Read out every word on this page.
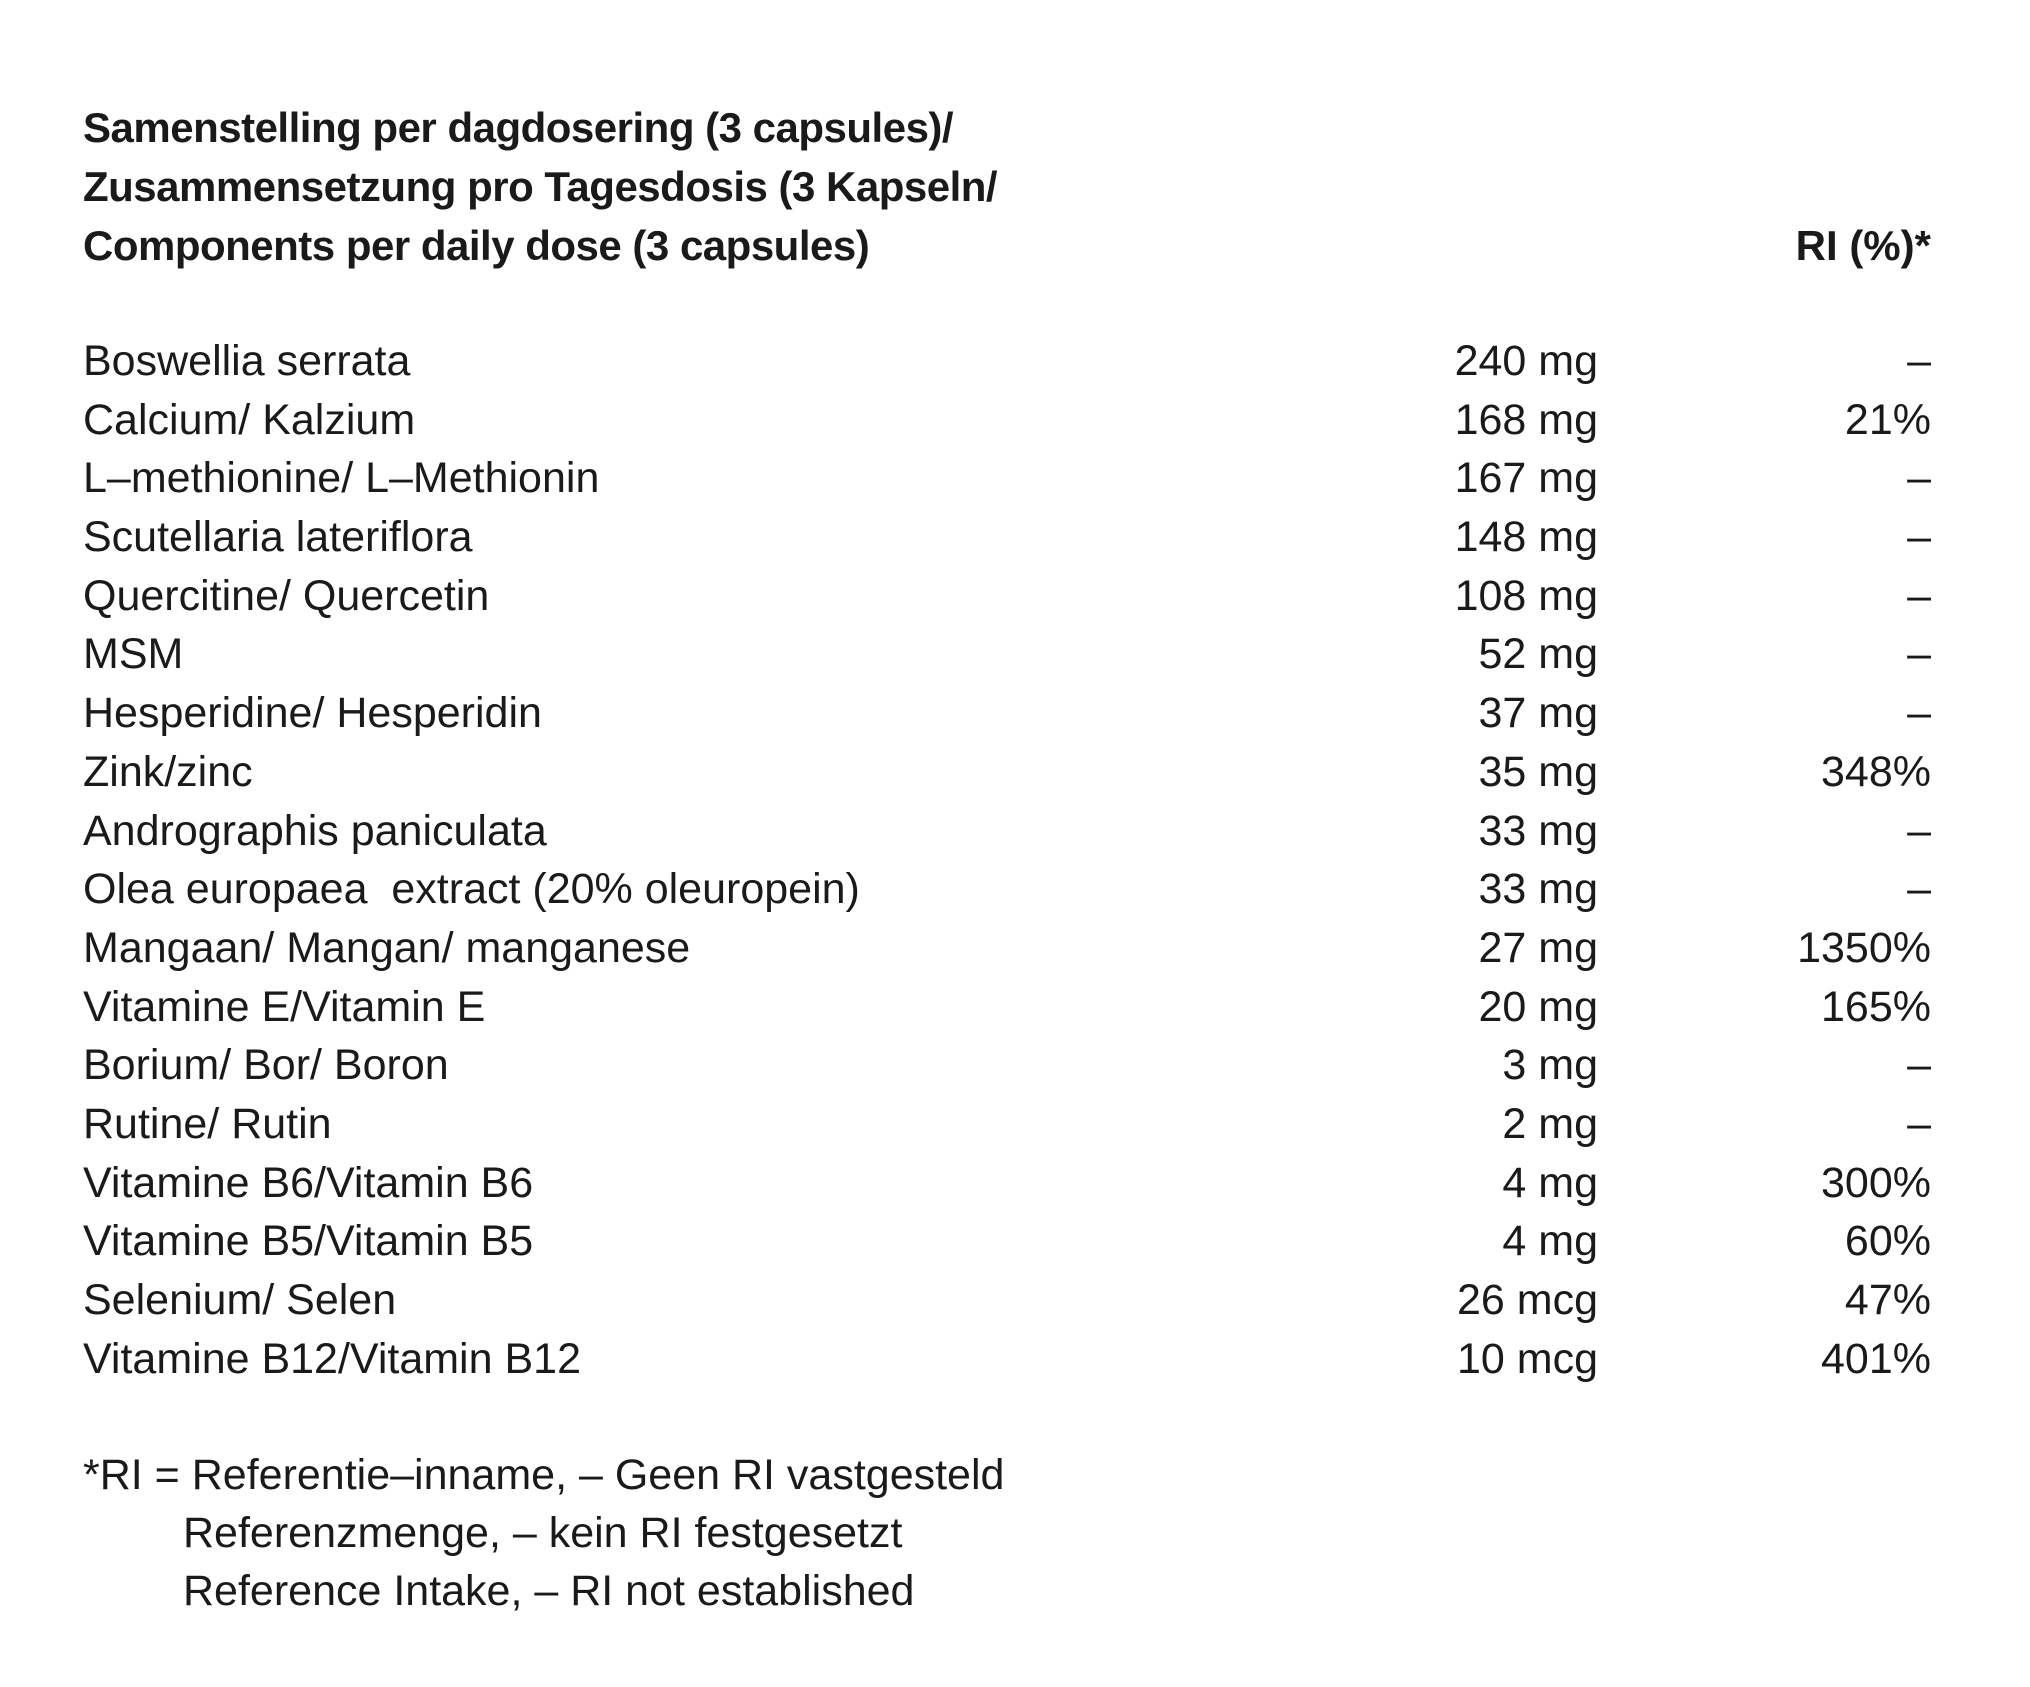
Samenstelling per dagdosering (3 capsules)/
Zusammensetzung pro Tagesdosis (3 Kapseln/
Components per daily dose (3 capsules)	RI (%)*
Boswellia serrata	240 mg	–
Calcium/ Kalzium	168 mg	21%
L–methionine/ L–Methionin	167 mg	–
Scutellaria lateriflora	148 mg	–
Quercitine/ Quercetin	108 mg	–
MSM	52 mg	–
Hesperidine/ Hesperidin	37 mg	–
Zink/zinc	35 mg	348%
Andrographis paniculata	33 mg	–
Olea europaea  extract (20% oleuropein)	33 mg	–
Mangaan/ Mangan/ manganese	27 mg	1350%
Vitamine E/Vitamin E	20 mg	165%
Borium/ Bor/ Boron	3 mg	–
Rutine/ Rutin	2 mg	–
Vitamine B6/Vitamin B6	4 mg	300%
Vitamine B5/Vitamin B5	4 mg	60%
Selenium/ Selen	26 mcg	47%
Vitamine B12/Vitamin B12	10 mcg	401%
*RI = Referentie–inname, – Geen RI vastgesteld
Referenzmenge, – kein RI festgesetzt
Reference Intake, – RI not established
